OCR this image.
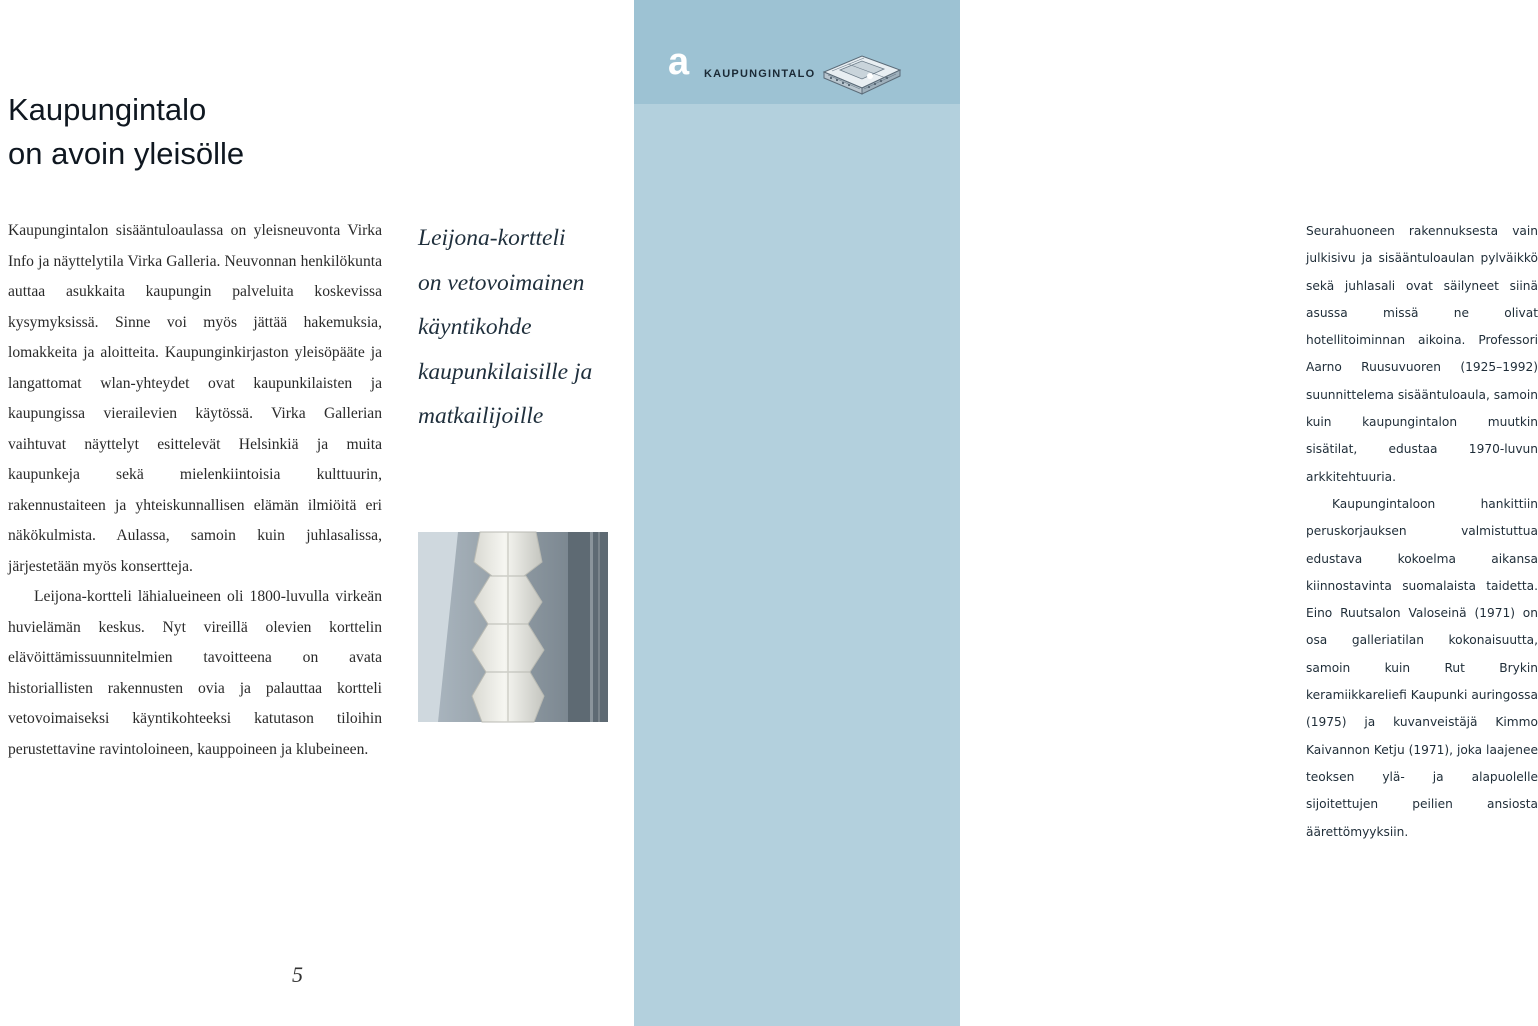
a KAUPUNGINTALO

Seurahuoneen rakennuksesta vain julkisivu ja sisääntuloaulan pylväikkö sekä juhlasali ovat säilyneet siinä asussa missä ne olivat hotellitoiminnan aikoina. Professori Aarno Ruusuvuoren (1925–1992) suunnittelema sisääntuloaula, samoin kuin kaupungintalon muutkin sisätilat, edustaa 1970-luvun arkkitehtuuria.

Kaupungintaloon hankittiin peruskorjauksen valmistuttua edustava kokoelma aikansa kiinnostavinta suomalaista taidetta. Eino Ruutsalon Valoseinä (1971) on osa galleriatilan kokonaisuutta, samoin kuin Rut Brykin keramiikkareliefi Kaupunki auringossa (1975) ja kuvanveistäjä Kimmo Kaivannon Ketju (1971), joka laajenee teoksen ylä- ja alapuolelle sijoitettujen peilien ansiosta äärettömyyksiin.

Kaupungintalo
on avoin yleisölle

Kaupungintalon sisääntuloaulassa on yleisneuvonta Virka Info ja näyttelytila Virka Galleria. Neuvonnan henkilökunta auttaa asukkaita kaupungin palveluita koskevissa kysymyksissä. Sinne voi myös jättää hakemuksia, lomakkeita ja aloitteita. Kaupunginkirjaston yleisöpääte ja langattomat wlan-yhteydet ovat kaupunkilaisten ja kaupungissa vierailevien käytössä. Virka Gallerian vaihtuvat näyttelyt esittelevät Helsinkiä ja muita kaupunkeja sekä mielenkiintoisia kulttuurin, rakennustaiteen ja yhteiskunnallisen elämän ilmiöitä eri näkökulmista. Aulassa, samoin kuin juhlasalissa, järjestetään myös konsertteja.

Leijona-kortteli lähialueineen oli 1800-luvulla virkeän huvielämän keskus. Nyt vireillä olevien korttelin elävöittämissuunnitelmien tavoitteena on avata historiallisten rakennusten ovia ja palauttaa kortteli vetovoimaiseksi käyntikohteeksi katutason tiloihin perustettavine ravintoloineen, kauppoineen ja klubeineen.

Leijona-kortteli
on vetovoimainen
käyntikohde
kaupunkilaisille ja
matkailijoille
5
